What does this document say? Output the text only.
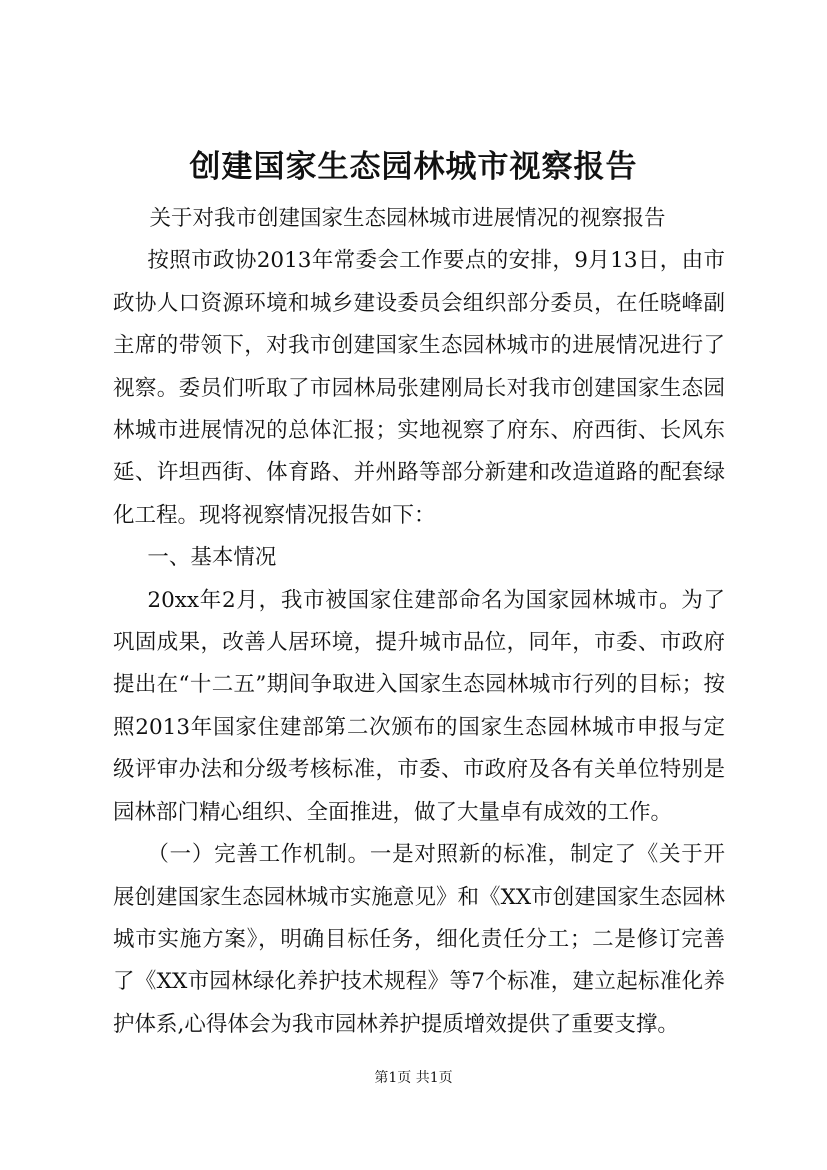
创建国家生态园林城市视察报告

关于对我市创建国家生态园林城市进展情况的视察报告

按照市政协2013年常委会工作要点的安排，9月13日，由市政协人口资源环境和城乡建设委员会组织部分委员，在任晓峰副主席的带领下，对我市创建国家生态园林城市的进展情况进行了视察。委员们听取了市园林局张建刚局长对我市创建国家生态园林城市进展情况的总体汇报；实地视察了府东、府西街、长风东延、许坦西街、体育路、并州路等部分新建和改造道路的配套绿化工程。现将视察情况报告如下：

一、基本情况

20xx年2月，我市被国家住建部命名为国家园林城市。为了巩固成果，改善人居环境，提升城市品位，同年，市委、市政府提出在“十二五”期间争取进入国家生态园林城市行列的目标；按照2013年国家住建部第二次颁布的国家生态园林城市申报与定级评审办法和分级考核标准，市委、市政府及各有关单位特别是园林部门精心组织、全面推进，做了大量卓有成效的工作。

（一）完善工作机制。一是对照新的标准，制定了《关于开展创建国家生态园林城市实施意见》和《XX市创建国家生态园林城市实施方案》，明确目标任务，细化责任分工；二是修订完善了《XX市园林绿化养护技术规程》等7个标准，建立起标准化养护体系,心得体会为我市园林养护提质增效提供了重要支撑。

第1页 共1页
